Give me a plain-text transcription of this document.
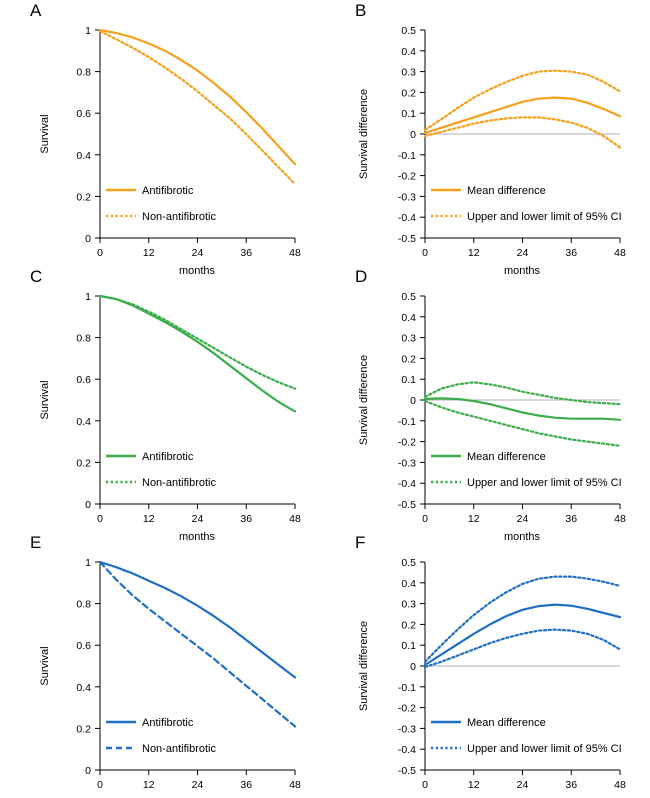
A
1
0.8
0.6
0.4
0.2
0
0	12	24	36	48
Survival
months
Antifibrotic
Non-antifibrotic
B
0.5
0.4
0.3
0.2
0.1
0
-0.1
-0.2
-0.3
-0.4
-0.5
0	12	24	36	48
Survival difference
months
Mean difference
Upper and lower limit of 95% CI
C
1
0.8
0.6
0.4
0.2
0
0	12	24	36	48
Survival
months
Antifibrotic
Non-antifibrotic
D
0.5
0.4
0.3
0.2
0.1
0
-0.1
-0.2
-0.3
-0.4
-0.5
0	12	24	36	48
Survival difference
months
Mean difference
Upper and lower limit of 95% CI
E
1
0.8
0.6
0.4
0.2
0
0	12	24	36	48
Survival
Antifibrotic
Non-antifibrotic
F
0.5
0.4
0.3
0.2
0.1
0
-0.1
-0.2
-0.3
-0.4
-0.5
0	12	24	36	48
Survival difference
Mean difference
Upper and lower limit of 95% CI
